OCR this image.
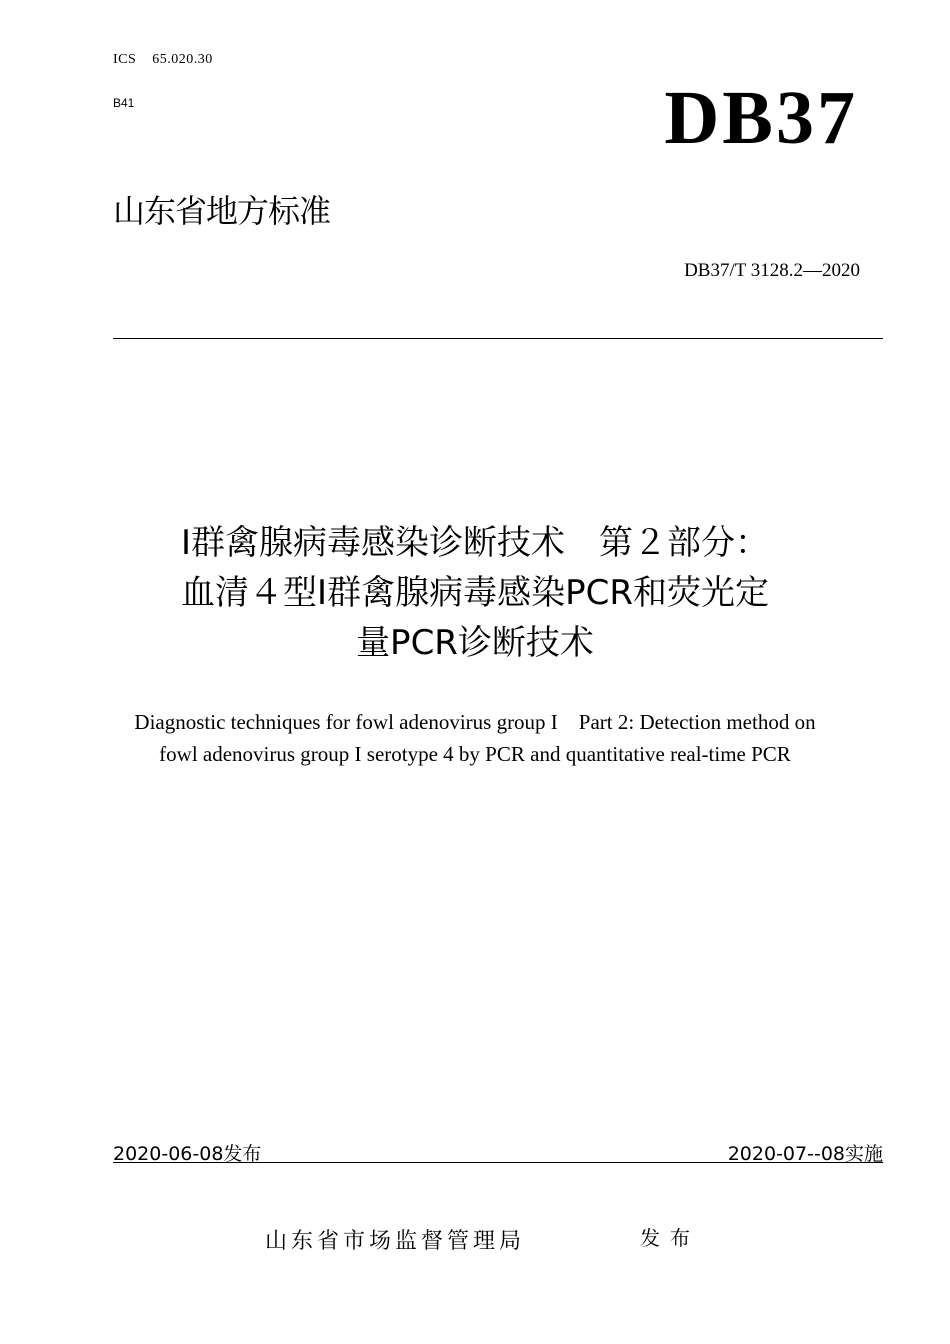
ICS 65.020.30
B41	DB37
山东省地方标准
DB37/T 3128.2—2020
Ⅰ群禽腺病毒感染诊断技术　第２部分：
血清４型Ⅰ群禽腺病毒感染PCR和荧光定
量PCR诊断技术
Diagnostic techniques for fowl adenovirus group I　Part 2: Detection method on
fowl adenovirus group I serotype 4 by PCR and quantitative real-time PCR
2020-06-08发布	2020-07--08实施
山东省市场监督管理局	发布
